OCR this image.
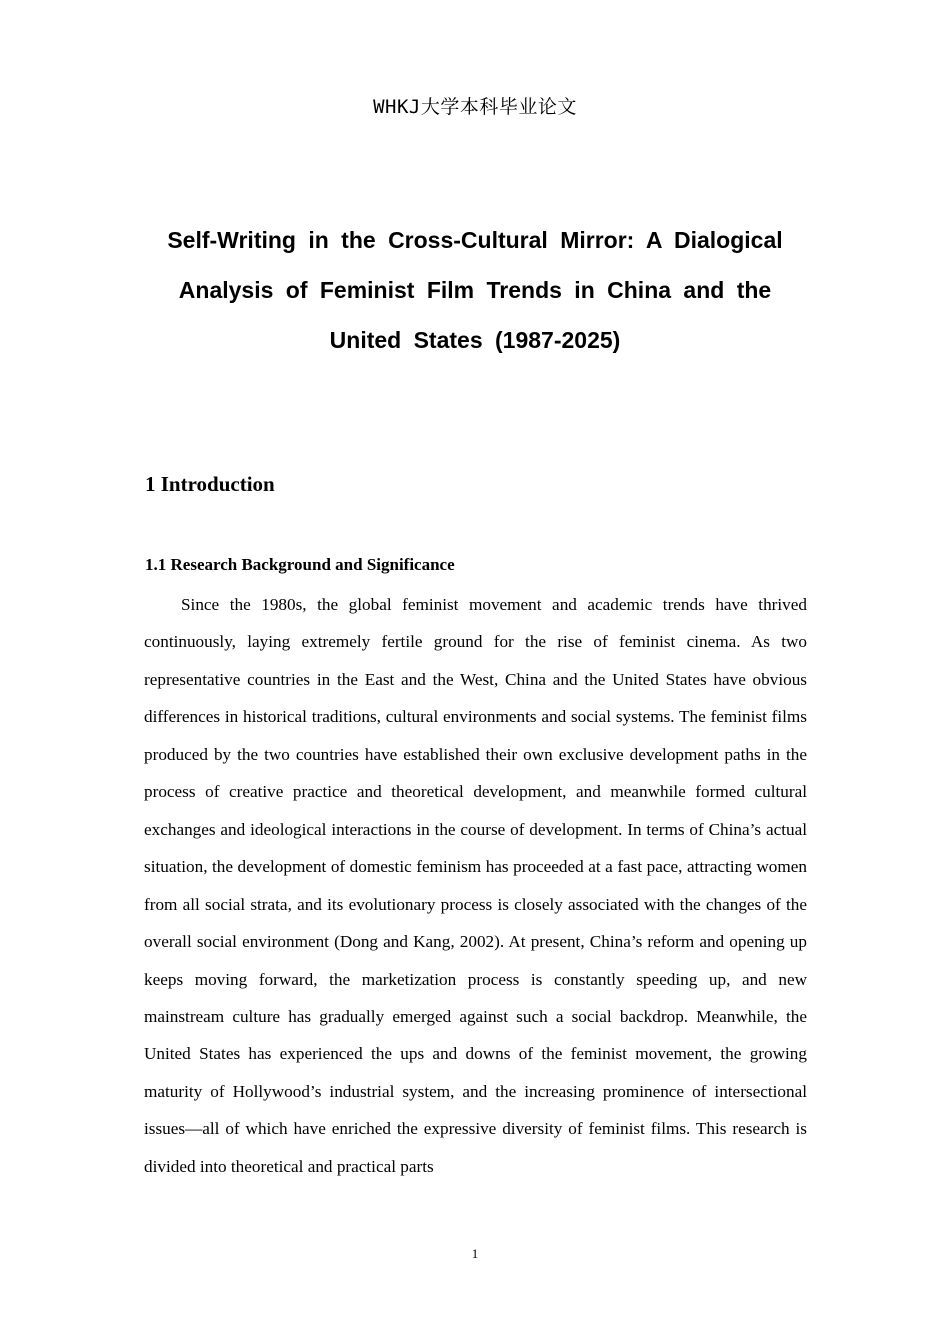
WHKJ大学本科毕业论文
Self-Writing in the Cross-Cultural Mirror: A Dialogical Analysis of Feminist Film Trends in China and the United States (1987-2025)
1 Introduction
1.1 Research Background and Significance

Since the 1980s, the global feminist movement and academic trends have thrived continuously, laying extremely fertile ground for the rise of feminist cinema. As two representative countries in the East and the West, China and the United States have obvious differences in historical traditions, cultural environments and social systems. The feminist films produced by the two countries have established their own exclusive development paths in the process of creative practice and theoretical development, and meanwhile formed cultural exchanges and ideological interactions in the course of development. In terms of China’s actual situation, the development of domestic feminism has proceeded at a fast pace, attracting women from all social strata, and its evolutionary process is closely associated with the changes of the overall social environment (Dong and Kang, 2002). At present, China’s reform and opening up keeps moving forward, the marketization process is constantly speeding up, and new mainstream culture has gradually emerged against such a social backdrop. Meanwhile, the United States has experienced the ups and downs of the feminist movement, the growing maturity of Hollywood’s industrial system, and the increasing prominence of intersectional issues—all of which have enriched the expressive diversity of feminist films. This research is divided into theoretical and practical parts

1
